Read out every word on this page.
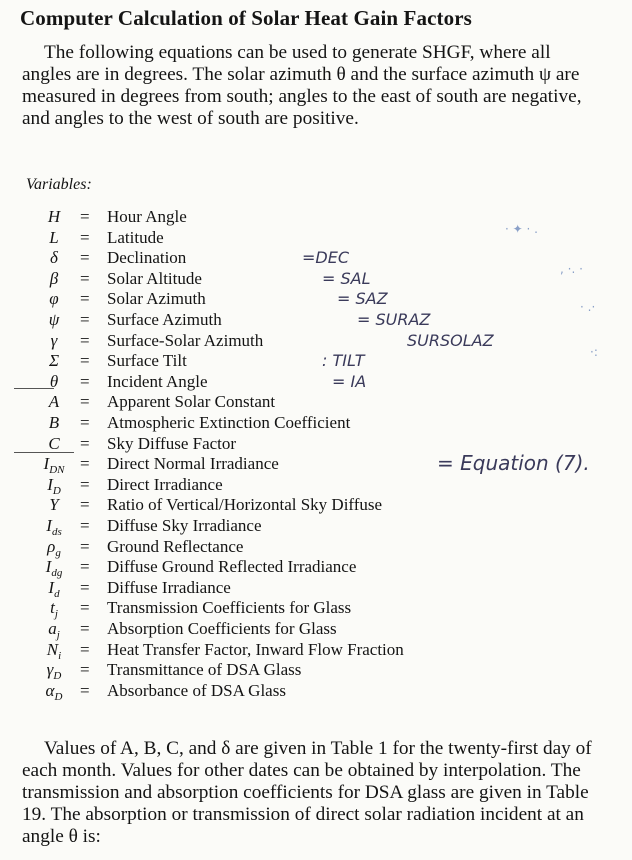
Computer Calculation of Solar Heat Gain Factors
The following equations can be used to generate SHGF, where all angles are in degrees. The solar azimuth θ and the surface azimuth ψ are measured in degrees from south; angles to the east of south are negative, and angles to the west of south are positive.
Variables:
H	= Hour Angle
L	= Latitude
δ	= Declination	=DEC
β	= Solar Altitude	= SAL
φ	= Solar Azimuth	= SAZ
ψ	= Surface Azimuth	= SURAZ
γ	= Surface-Solar Azimuth	SURSOLAZ
Σ	= Surface Tilt	: TILT
θ	= Incident Angle	= IA
A	= Apparent Solar Constant
B	= Atmospheric Extinction Coefficient
C	= Sky Diffuse Factor
$I_{DN}$ = Direct Normal Irradiance	= Equation (7).
$I_D$	= Direct Irradiance
Y	= Ratio of Vertical/Horizontal Sky Diffuse
$I_{ds}$	= Diffuse Sky Irradiance
$\rho_g$	= Ground Reflectance
$I_{dg}$	= Diffuse Ground Reflected Irradiance
$I_d$	= Diffuse Irradiance
$t_j$	= Transmission Coefficients for Glass
$a_j$	= Absorption Coefficients for Glass
$N_i$	= Heat Transfer Factor, Inward Flow Fraction
$\gamma_D$	= Transmittance of DSA Glass
$\alpha_D$	= Absorbance of DSA Glass
Values of A, B, C, and δ are given in Table 1 for the twenty-first day of each month. Values for other dates can be obtained by interpolation. The transmission and absorption coefficients for DSA glass are given in Table 19. The absorption or transmission of direct solar radiation incident at an angle θ is:
· ✦ · .
, ·. ·
· .·
·:
